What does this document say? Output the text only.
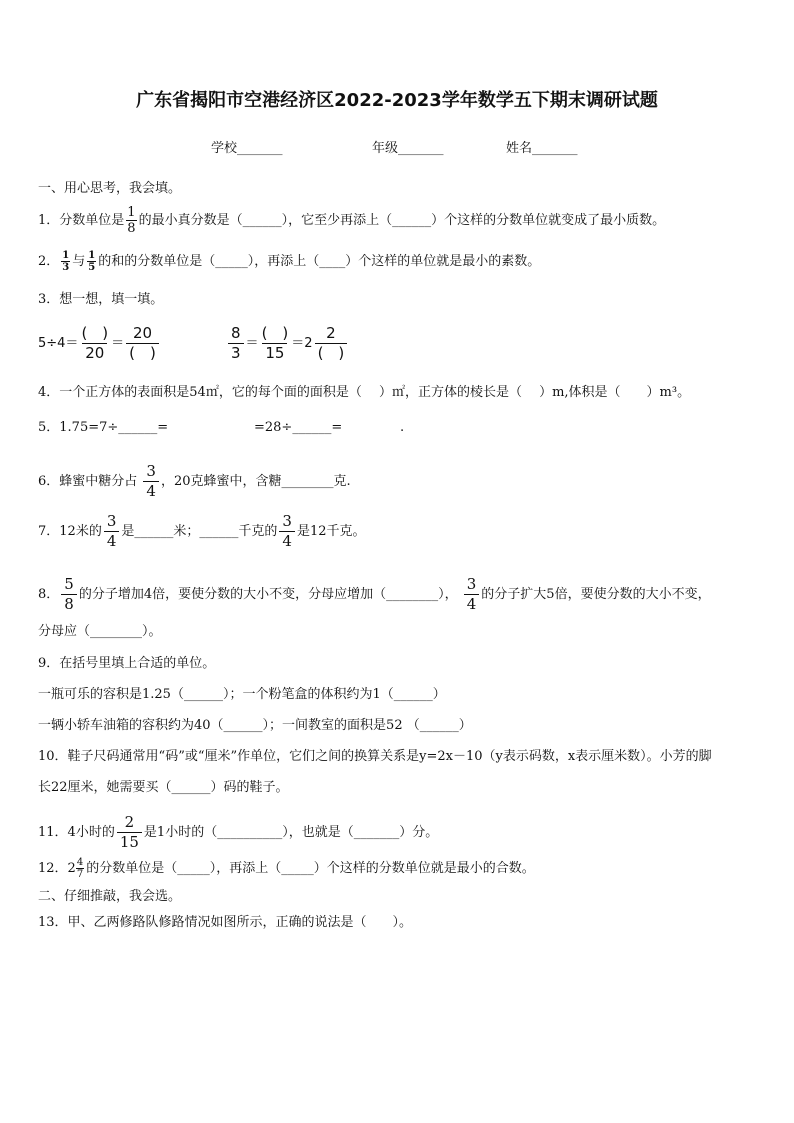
广东省揭阳市空港经济区2022-2023学年数学五下期末调研试题
学校_______	年级_______	姓名_______
一、用心思考，我会填。
1．分数单位是 $\frac{1}{8}$ 的最小真分数是（______），它至少再添上（______）个这样的分数单位就变成了最小质数。
2． $\frac{1}{3}$ 与 $\frac{1}{5}$ 的和的分数单位是（_____），再添上（____）个这样的单位就是最小的素数。
3．想一想，填一填。
$5\div 4= \frac{( )}{20} = \frac{20}{( )}$	$\frac{8}{3} = \frac{( )}{15} =2 \frac{2}{( )}$
4．一个正方体的表面积是54㎡，它的每个面的面积是（　 ）㎡，正方体的棱长是（　 ）m,体积是（　　）m³。
5．1.75=7÷______=	=28÷______=	.
6．蜂蜜中糖分占 $\frac{3}{4}$ ，20克蜂蜜中，含糖________克.
7．12米的 $\frac{3}{4}$ 是______米；______千克的 $\frac{3}{4}$ 是12千克。
8． $\frac{5}{8}$ 的分子增加4倍，要使分数的大小不变，分母应增加（________）， $\frac{3}{4}$ 的分子扩大5倍，要使分数的大小不变，
分母应（________）。
9．在括号里填上合适的单位。
一瓶可乐的容积是1.25（______）；一个粉笔盒的体积约为1（______）
一辆小轿车油箱的容积约为40（______）；一间教室的面积是52 （______）
10．鞋子尺码通常用“码”或“厘米”作单位，它们之间的换算关系是y=2x－10（y表示码数，x表示厘米数）。小芳的脚
长22厘米，她需要买（______）码的鞋子。
11．4小时的 $\frac{2}{15}$ 是1小时的（__________），也就是（_______）分。
12．$2 \frac{4}{7}$ 的分数单位是（_____），再添上（_____）个这样的分数单位就是最小的合数。
二、仔细推敲，我会选。
13．甲、乙两修路队修路情况如图所示，正确的说法是（　　）。
